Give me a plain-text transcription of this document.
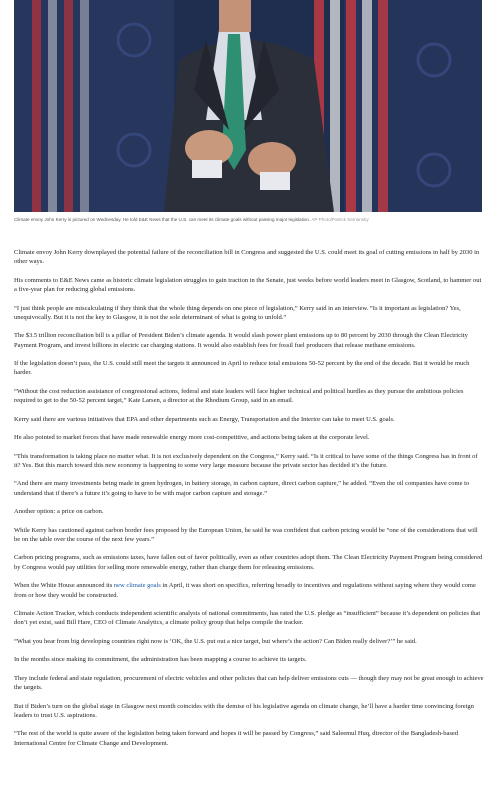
Climate envoy John Kerry is pictured on Wednesday. He told E&E News that the U.S. can meet its climate goals without passing major legislation. AP Photo/Patrick Semansky

Climate envoy John Kerry downplayed the potential failure of the reconciliation bill in Congress and suggested the U.S. could meet its goal of cutting emissions in half by 2030 in other ways.

His comments to E&E News came as historic climate legislation struggles to gain traction in the Senate, just weeks before world leaders meet in Glasgow, Scotland, to hammer out a five-year plan for reducing global emissions.

“I just think people are miscalculating if they think that the whole thing depends on one piece of legislation,” Kerry said in an interview. “Is it important as legislation? Yes, unequivocally. But it is not the key to Glasgow, it is not the sole determinant of what is going to unfold.”

The $3.5 trillion reconciliation bill is a pillar of President Biden’s climate agenda. It would slash power plant emissions up to 80 percent by 2030 through the Clean Electricity Payment Program, and invest billions in electric car charging stations. It would also establish fees for fossil fuel producers that release methane emissions.

If the legislation doesn’t pass, the U.S. could still meet the targets it announced in April to reduce total emissions 50-52 percent by the end of the decade. But it would be much harder.

“Without the cost reduction assistance of congressional actions, federal and state leaders will face higher technical and political hurdles as they pursue the ambitious policies required to get to the 50-52 percent target,” Kate Larsen, a director at the Rhodium Group, said in an email.

Kerry said there are various initiatives that EPA and other departments such as Energy, Transportation and the Interior can take to meet U.S. goals.

He also pointed to market forces that have made renewable energy more cost-competitive, and actions being taken at the corporate level.

“This transformation is taking place no matter what. It is not exclusively dependent on the Congress,” Kerry said. “Is it critical to have some of the things Congress has in front of it? Yes. But this march toward this new economy is happening to some very large measure because the private sector has decided it’s the future.

“And there are many investments being made in green hydrogen, in battery storage, in carbon capture, direct carbon capture,” he added. “Even the oil companies have come to understand that if there’s a future it’s going to have to be with major carbon capture and storage.”

Another option: a price on carbon.

While Kerry has cautioned against carbon border fees proposed by the European Union, he said he was confident that carbon pricing would be “one of the considerations that will be on the table over the course of the next few years.”

Carbon pricing programs, such as emissions taxes, have fallen out of favor politically, even as other countries adopt them. The Clean Electricity Payment Program being considered by Congress would pay utilities for selling more renewable energy, rather than charge them for releasing emissions.

When the White House announced its new climate goals in April, it was short on specifics, referring broadly to incentives and regulations without saying where they would come from or how they would be constructed.

Climate Action Tracker, which conducts independent scientific analysis of national commitments, has rated the U.S. pledge as “insufficient” because it’s dependent on policies that don’t yet exist, said Bill Hare, CEO of Climate Analytics, a climate policy group that helps compile the tracker.

“What you hear from big developing countries right now is ‘OK, the U.S. put out a nice target, but where’s the action? Can Biden really deliver?’” he said.

In the months since making its commitment, the administration has been mapping a course to achieve its targets.

They include federal and state regulation, procurement of electric vehicles and other policies that can help deliver emissions cuts — though they may not be great enough to achieve the targets.

But if Biden’s turn on the global stage in Glasgow next month coincides with the demise of his legislative agenda on climate change, he’ll have a harder time convincing foreign leaders to trust U.S. aspirations.

“The rest of the world is quite aware of the legislation being taken forward and hopes it will be passed by Congress,” said Saleemul Huq, director of the Bangladesh-based International Centre for Climate Change and Development.
